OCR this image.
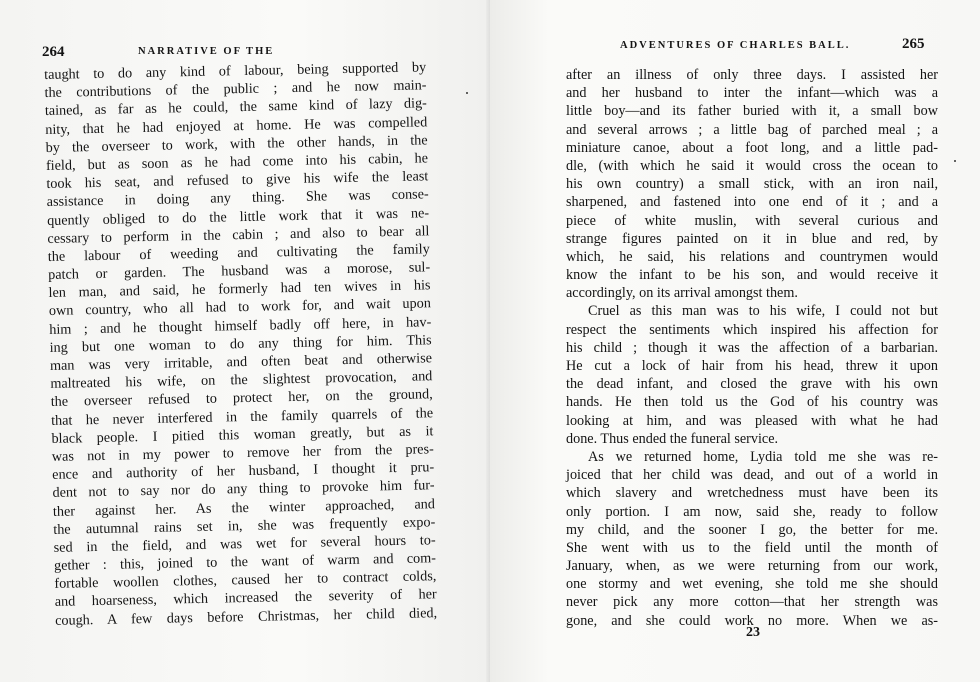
264	NARRATIVE OF THE
taught to do any kind of labour, being supported by
the contributions of the public ; and he now main-
tained, as far as he could, the same kind of lazy dig-
nity, that he had enjoyed at home. He was compelled
by the overseer to work, with the other hands, in the
field, but as soon as he had come into his cabin, he
took his seat, and refused to give his wife the least
assistance in doing any thing. She was conse-
quently obliged to do the little work that it was ne-
cessary to perform in the cabin ; and also to bear all
the labour of weeding and cultivating the family
patch or garden. The husband was a morose, sul-
len man, and said, he formerly had ten wives in his
own country, who all had to work for, and wait upon
him ; and he thought himself badly off here, in hav-
ing but one woman to do any thing for him. This
man was very irritable, and often beat and otherwise
maltreated his wife, on the slightest provocation, and
the overseer refused to protect her, on the ground,
that he never interfered in the family quarrels of the
black people. I pitied this woman greatly, but as it
was not in my power to remove her from the pres-
ence and authority of her husband, I thought it pru-
dent not to say nor do any thing to provoke him fur-
ther against her. As the winter approached, and
the autumnal rains set in, she was frequently expo-
sed in the field, and was wet for several hours to-
gether : this, joined to the want of warm and com-
fortable woollen clothes, caused her to contract colds,
and hoarseness, which increased the severity of her
cough. A few days before Christmas, her child died,
ADVENTURES OF CHARLES BALL.	265
after an illness of only three days. I assisted her
and her husband to inter the infant—which was a
little boy—and its father buried with it, a small bow
and several arrows ; a little bag of parched meal ; a
miniature canoe, about a foot long, and a little pad-
dle, (with which he said it would cross the ocean to
his own country) a small stick, with an iron nail,
sharpened, and fastened into one end of it ; and a
piece of white muslin, with several curious and
strange figures painted on it in blue and red, by
which, he said, his relations and countrymen would
know the infant to be his son, and would receive it
accordingly, on its arrival amongst them.
Cruel as this man was to his wife, I could not but
respect the sentiments which inspired his affection for
his child ; though it was the affection of a barbarian.
He cut a lock of hair from his head, threw it upon
the dead infant, and closed the grave with his own
hands. He then told us the God of his country was
looking at him, and was pleased with what he had
done. Thus ended the funeral service.
As we returned home, Lydia told me she was re-
joiced that her child was dead, and out of a world in
which slavery and wretchedness must have been its
only portion. I am now, said she, ready to follow
my child, and the sooner I go, the better for me.
She went with us to the field until the month of
January, when, as we were returning from our work,
one stormy and wet evening, she told me she should
never pick any more cotton—that her strength was
gone, and she could work no more. When we as-
23
